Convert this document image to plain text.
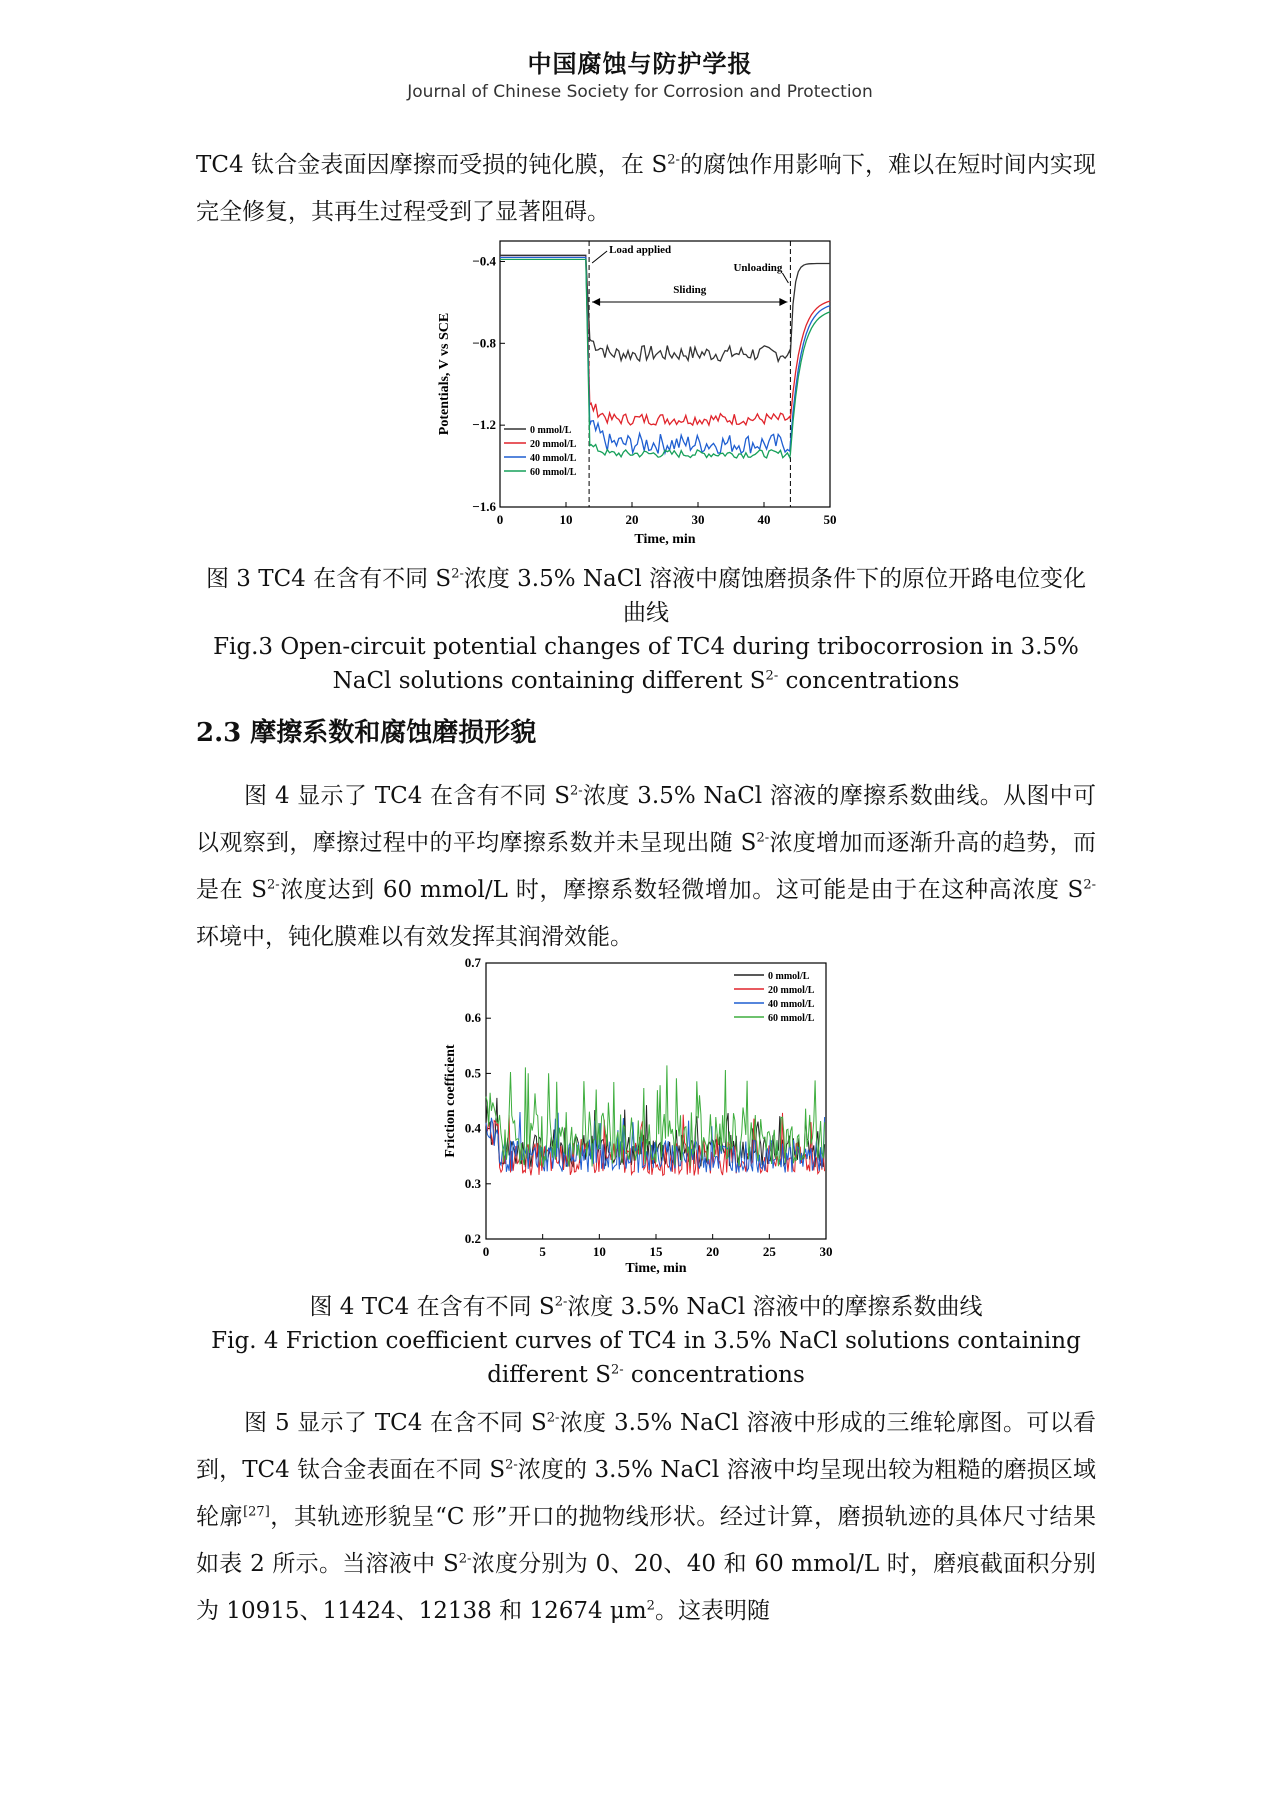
中国腐蚀与防护学报
Journal of Chinese Society for Corrosion and Protection
TC4 钛合金表面因摩擦而受损的钝化膜，在 $S^{2-}$的腐蚀作用影响下，难以在短时间内实现完全修复，其再生过程受到了显著阻碍。
0	10	20	30	40	50
−0.4
−0.8
−1.2
−1.6
Time, min
Potentials, V vs SCE
Load applied
Unloading
Sliding
0 mmol/L
20 mmol/L
40 mmol/L
60 mmol/L
图 3 TC4 在含有不同 $S^{2-}$浓度 3.5% NaCl 溶液中腐蚀磨损条件下的原位开路电位变化曲线
Fig.3 Open-circuit potential changes of TC4 during tribocorrosion in 3.5% NaCl solutions containing different $S^{2-}$ concentrations
2.3 摩擦系数和腐蚀磨损形貌
图 4 显示了 TC4 在含有不同 $S^{2-}$浓度 3.5% NaCl 溶液的摩擦系数曲线。从图中可以观察到，摩擦过程中的平均摩擦系数并未呈现出随 $S^{2-}$浓度增加而逐渐升高的趋势，而是在 $S^{2-}$浓度达到 60 mmol/L 时，摩擦系数轻微增加。这可能是由于在这种高浓度 $S^{2-}$环境中，钝化膜难以有效发挥其润滑效能。
0	5	10	15	20	25	30
0.2
0.3
0.4
0.5
0.6
0.7
Time, min
Friction coefficient
0 mmol/L
20 mmol/L
40 mmol/L
60 mmol/L
图 4 TC4 在含有不同 $S^{2-}$浓度 3.5% NaCl 溶液中的摩擦系数曲线
Fig. 4 Friction coefficient curves of TC4 in 3.5% NaCl solutions containing different $S^{2-}$ concentrations
图 5 显示了 TC4 在含不同 $S^{2-}$浓度 3.5% NaCl 溶液中形成的三维轮廓图。可以看到，TC4 钛合金表面在不同 $S^{2-}$浓度的 3.5% NaCl 溶液中均呈现出较为粗糙的磨损区域轮廓[27]，其轨迹形貌呈“C 形”开口的抛物线形状。经过计算，磨损轨迹的具体尺寸结果如表 2 所示。当溶液中 $S^{2-}$浓度分别为 0、20、40 和 60 mmol/L 时，磨痕截面积分别为 10915、11424、12138 和 12674 $\mu m^2$。这表明随
